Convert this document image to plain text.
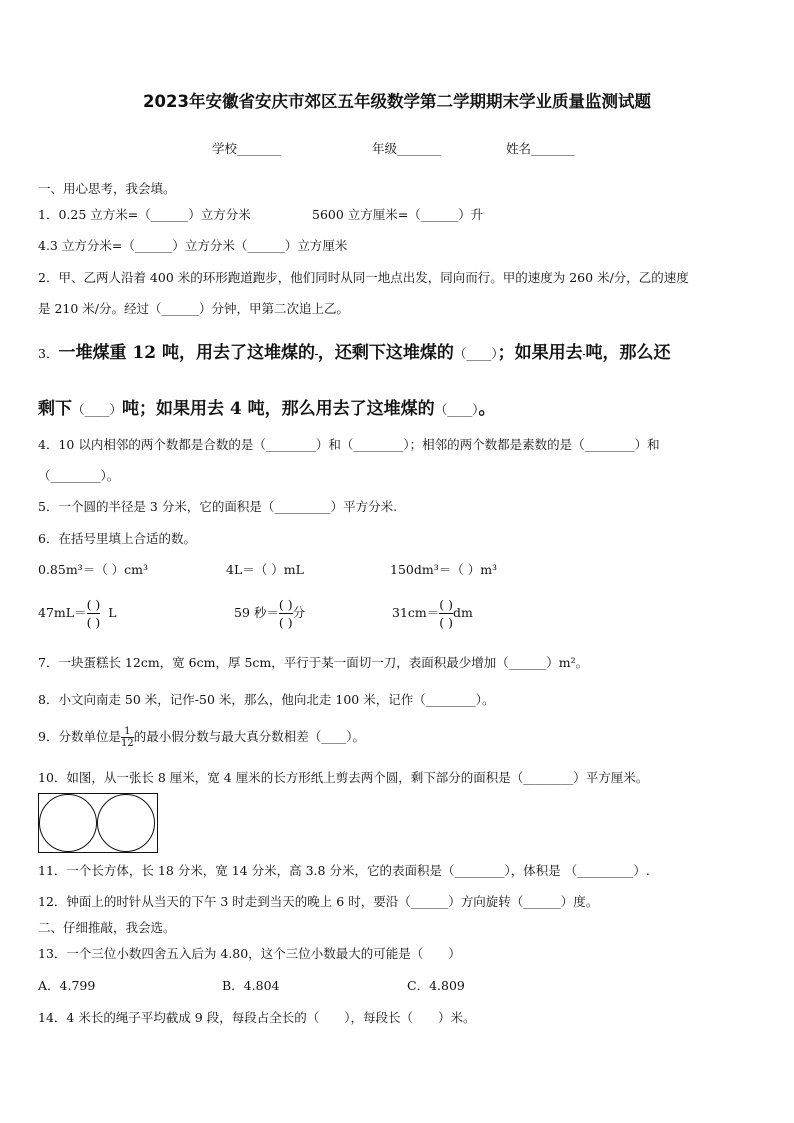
2023年安徽省安庆市郊区五年级数学第二学期期末学业质量监测试题
学校_______	年级_______	姓名_______
一、用心思考，我会填。
1．0.25 立方米=（______）立方分米	5600 立方厘米=（______）升
4.3 立方分米=（______）立方分米（______）立方厘米
2．甲、乙两人沿着 400 米的环形跑道跑步，他们同时从同一地点出发，同向而行。甲的速度为 260 米/分，乙的速度
是 210 米/分。经过（______）分钟，甲第二次追上乙。
3．一堆煤重 12 吨，用去了这堆煤的

，还剩下这堆煤的（____）；如果用去

吨，那么还
剩下（____）吨；如果用去 4 吨，那么用去了这堆煤的（____）。
4．10 以内相邻的两个数都是合数的是（________）和（________）；相邻的两个数都是素数的是（________）和
（________）。
5．一个圆的半径是 3 分米，它的面积是（_________）平方分米.
6．在括号里填上合适的数。
0.85m³＝（ ）cm³	4L＝（ ）mL	150dm³＝（ ）m³
$47mL= \frac{( )}{( )}$ L	59 秒＝ $\frac{( )}{( )}$ 分	$31cm= \frac{( )}{( )}$ dm
7．一块蛋糕长 12cm，宽 6cm，厚 5cm，平行于某一面切一刀，表面积最少增加（______）m²。
8．小文向南走 50 米，记作-50 米，那么，他向北走 100 米，记作（________）。
9．分数单位是 $\frac{1}{12}$ 的最小假分数与最大真分数相差（____）。
10．如图，从一张长 8 厘米，宽 4 厘米的长方形纸上剪去两个圆，剩下部分的面积是（________）平方厘米。
11．一个长方体，长 18 分米，宽 14 分米，高 3.8 分米，它的表面积是（________），体积是 （_________）.
12．钟面上的时针从当天的下午 3 时走到当天的晚上 6 时，要沿（______）方向旋转（______）度。
二、仔细推敲，我会选。
13．一个三位小数四舍五入后为 4.80，这个三位小数最大的可能是（　　）
A．4.799	B．4.804	C．4.809
14．4 米长的绳子平均截成 9 段，每段占全长的（　　），每段长（　　）米。
